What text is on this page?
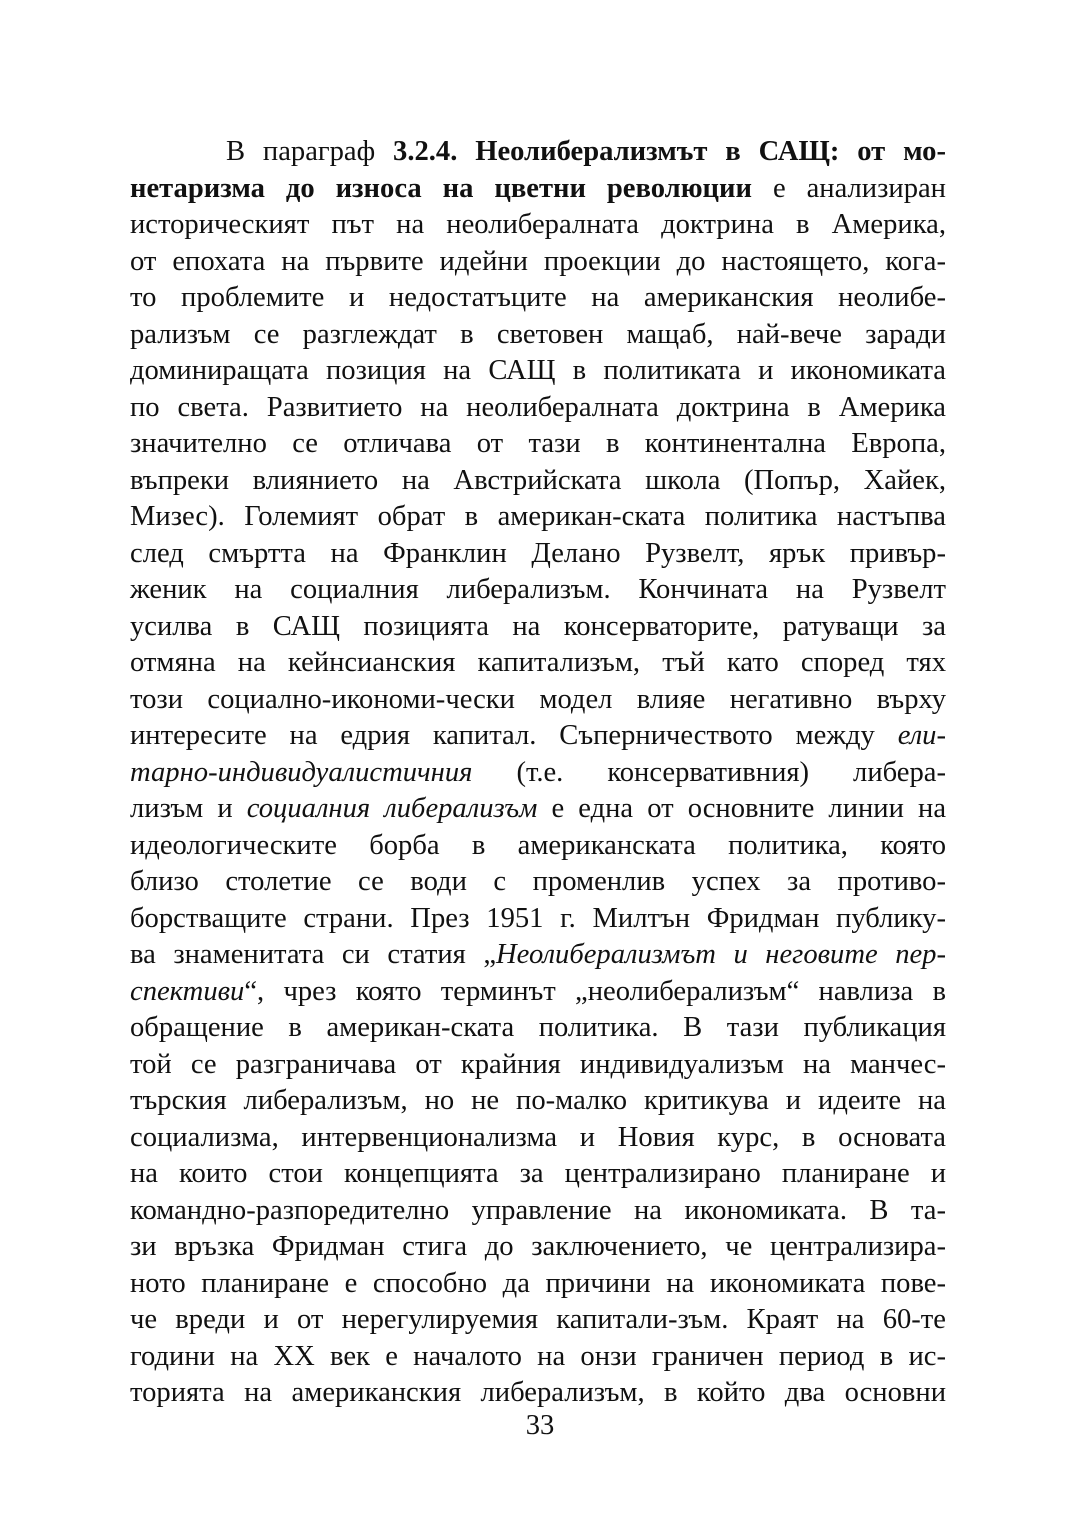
В параграф 3.2.4. Неолиберализмът в САЩ: от мо-
нетаризма до износа на цветни революции е анализиран
историческият път на неолибералната доктрина в Америка,
от епохата на първите идейни проекции до настоящето, кога-
то проблемите и недостатъците на американския неолибе-
рализъм се разглеждат в световен мащаб, най-вече заради
доминиращата позиция на САЩ в политиката и икономиката
по света. Развитието на неолибералната доктрина в Америка
значително се отличава от тази в континентална Европа,
въпреки влиянието на Австрийската школа (Попър, Хайек,
Мизес). Големият обрат в американ-ската политика настъпва
след смъртта на Франклин Делано Рузвелт, ярък привър-
женик на социалния либерализъм. Кончината на Рузвелт
усилва в САЩ позицията на консерваторите, ратуващи за
отмяна на кейнсианския капитализъм, тъй като според тях
този социално-икономи-чески модел влияе негативно върху
интересите на едрия капитал. Съперничеството между ели-
тарно-индивидуалистичния (т.е. консервативния) либера-
лизъм и социалния либерализъм е една от основните линии на
идеологическите борба в американската политика, която
близо столетие се води с променлив успех за противо-
борстващите страни. През 1951 г. Милтън Фридман публику-
ва знаменитата си статия „Неолиберализмът и неговите пер-
спективи“, чрез която терминът „неолиберализъм“ навлиза в
обращение в американ-ската политика. В тази публикация
той се разграничава от крайния индивидуализъм на манчес-
търския либерализъм, но не по-малко критикува и идеите на
социализма, интервенционализма и Новия курс, в основата
на които стои концепцията за централизирано планиране и
командно-разпоредително управление на икономиката. В та-
зи връзка Фридман стига до заключението, че централизира-
ното планиране е способно да причини на икономиката пове-
че вреди и от нерегулируемия капитали-зъм. Краят на 60-те
години на XX век е началото на онзи граничен период в ис-
торията на американския либерализъм, в който два основни
33
